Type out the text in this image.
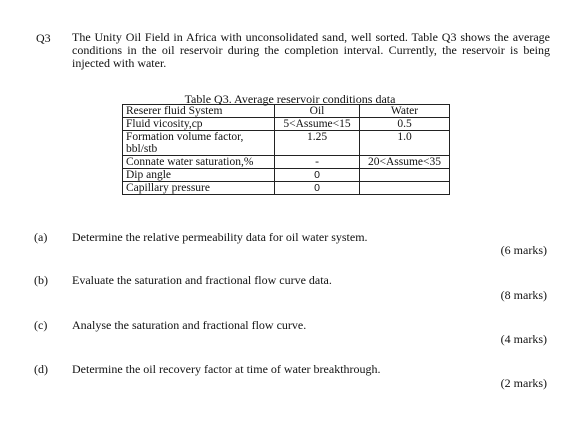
Q3 The Unity Oil Field in Africa with unconsolidated sand, well sorted. Table Q3 shows the average conditions in the oil reservoir during the completion interval. Currently, the reservoir is being injected with water.
Table Q3. Average reservoir conditions data
Reserer fluid System	Oil	Water
Fluid vicosity,cp	5<Assume<15	0.5
Formation volume factor, bbl/stb	1.25	1.0
Connate water saturation,%	-	20<Assume<35
Dip angle	0	
Capillary pressure	0	
(a) Determine the relative permeability data for oil water system.
(6 marks)
(b) Evaluate the saturation and fractional flow curve data.
(8 marks)
(c) Analyse the saturation and fractional flow curve.
(4 marks)
(d) Determine the oil recovery factor at time of water breakthrough.
(2 marks)
